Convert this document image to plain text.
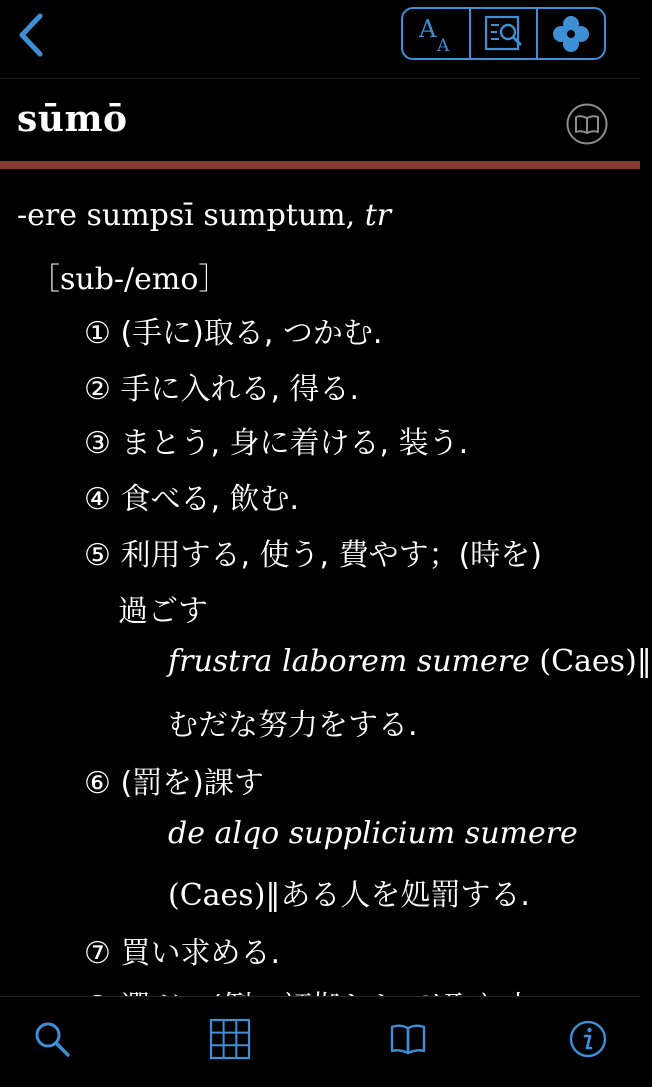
A
A
sūmō
-ere sumpsī sumptum, tr
［sub-/emo］
① (手に)取る, つかむ.
② 手に入れる, 得る.
③ まとう, 身に着ける, 装う.
④ 食べる, 飲む.
⑤ 利用する, 使う, 費やす；(時を)
過ごす
frustra laborem sumere (Caes)‖
むだな努力をする.
⑥ (罰を)課す
de alqo supplicium sumere
(Caes)‖ある人を処罰する.
⑦ 買い求める.
